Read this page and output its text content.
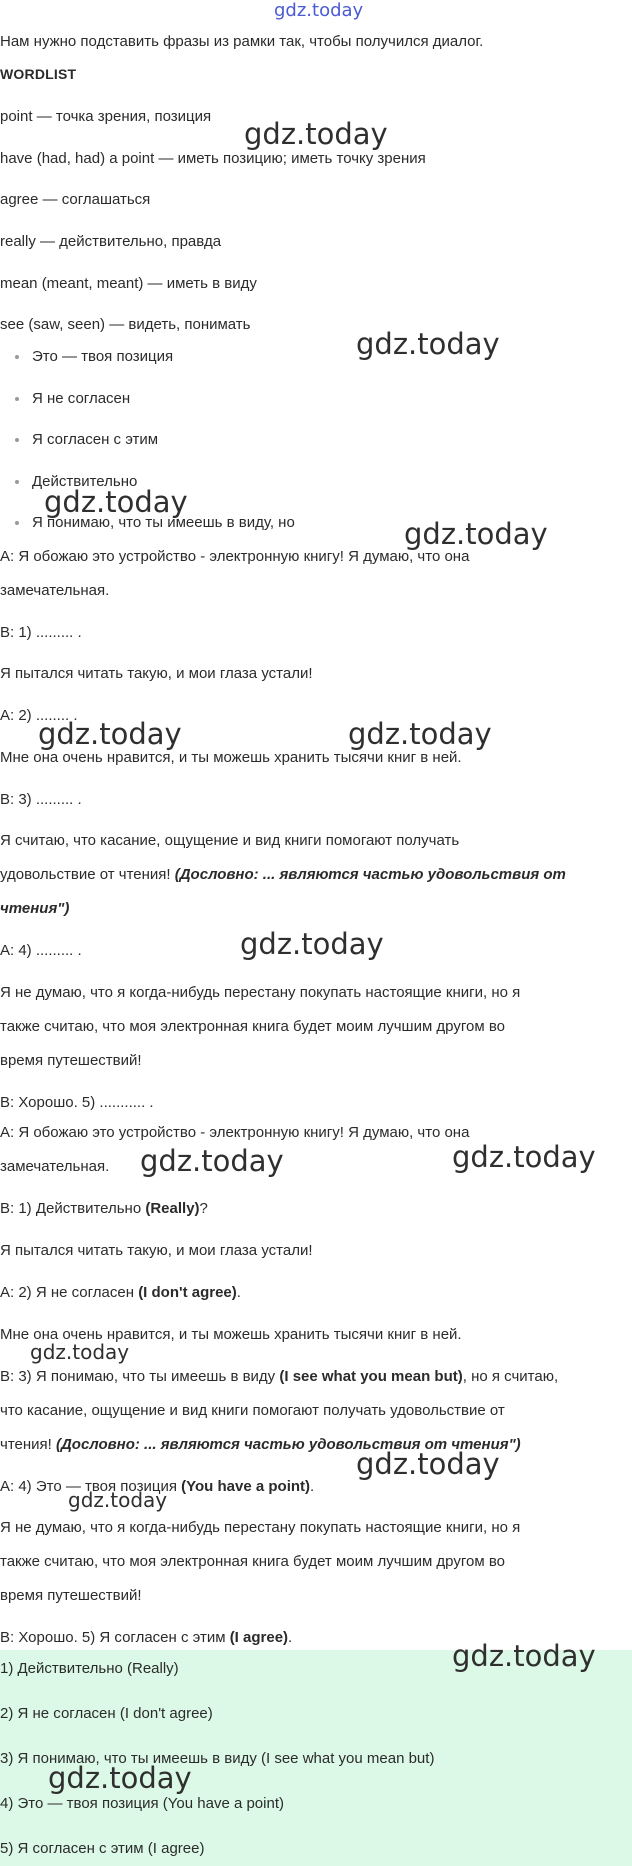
gdz.today
Нам нужно подставить фразы из рамки так, чтобы получился диалог.
WORDLIST
point — точка зрения, позиция
have (had, had) a point — иметь позицию; иметь точку зрения
agree — соглашаться
really — действительно, правда
mean (meant, meant) — иметь в виду
see (saw, seen) — видеть, понимать
Это — твоя позиция
Я не согласен
Я согласен с этим
Действительно
Я понимаю, что ты имеешь в виду, но
A: Я обожаю это устройство - электронную книгу! Я думаю, что она
замечательная.
B: 1) ......... .
Я пытался читать такую, и мои глаза устали!
A: 2) ........ .
Мне она очень нравится, и ты можешь хранить тысячи книг в ней.
B: 3) ......... .
Я считаю, что касание, ощущение и вид книги помогают получать
удовольствие от чтения! (Дословно: ... являются частью удовольствия от
чтения")
A: 4) ......... .
Я не думаю, что я когда-нибудь перестану покупать настоящие книги, но я
также считаю, что моя электронная книга будет моим лучшим другом во
время путешествий!
B: Хорошо. 5) ........... .
A: Я обожаю это устройство - электронную книгу! Я думаю, что она
замечательная.
B: 1) Действительно (Really)?
Я пытался читать такую, и мои глаза устали!
A: 2) Я не согласен (I don't agree).
Мне она очень нравится, и ты можешь хранить тысячи книг в ней.
B: 3) Я понимаю, что ты имеешь в виду (I see what you mean but), но я считаю,
что касание, ощущение и вид книги помогают получать удовольствие от
чтения! (Дословно: ... являются частью удовольствия от чтения")
A: 4) Это — твоя позиция (You have a point).
Я не думаю, что я когда-нибудь перестану покупать настоящие книги, но я
также считаю, что моя электронная книга будет моим лучшим другом во
время путешествий!
B: Хорошо. 5) Я согласен с этим (I agree).
1) Действительно (Really)
2) Я не согласен (I don't agree)
3) Я понимаю, что ты имеешь в виду (I see what you mean but)
4) Это — твоя позиция (You have a point)
5) Я согласен с этим (I agree)
gdz.today
gdz.today
gdz.today
gdz.today
gdz.today	gdz.today
gdz.today
gdz.today	gdz.today
gdz.today
gdz.today
gdz.today
gdz.today
gdz.today
